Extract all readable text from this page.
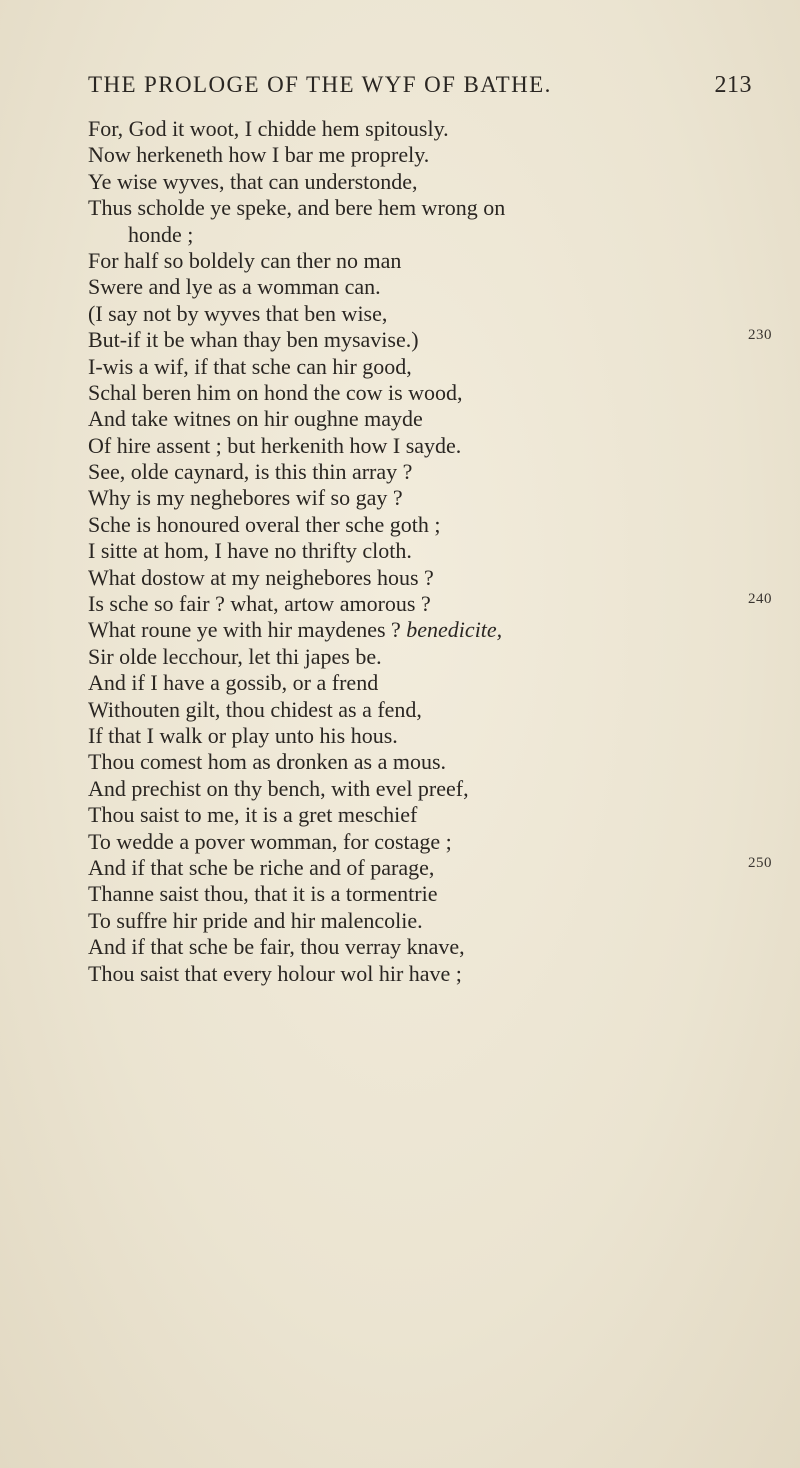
THE PROLOGE OF THE WYF OF BATHE.	213
For, God it woot, I chidde hem spitously.
Now herkeneth how I bar me proprely.
Ye wise wyves, that can understonde,
Thus scholde ye speke, and bere hem wrong on
honde ;
For half so boldely can ther no man
Swere and lye as a womman can.
(I say not by wyves that ben wise,
But-if it be whan thay ben mysavise.)
I-wis a wif, if that sche can hir good,
Schal beren him on hond the cow is wood,
And take witnes on hir oughne mayde
Of hire assent ; but herkenith how I sayde.
See, olde caynard, is this thin array ?
Why is my neghebores wif so gay ?
Sche is honoured overal ther sche goth ;
I sitte at hom, I have no thrifty cloth.
What dostow at my neighebores hous ?
Is sche so fair ? what, artow amorous ?
What roune ye with hir maydenes ? benedicite,
Sir olde lecchour, let thi japes be.
And if I have a gossib, or a frend
Withouten gilt, thou chidest as a fend,
If that I walk or play unto his hous.
Thou comest hom as dronken as a mous.
And prechist on thy bench, with evel preef,
Thou saist to me, it is a gret meschief
To wedde a pover womman, for costage ;
And if that sche be riche and of parage,
Thanne saist thou, that it is a tormentrie
To suffre hir pride and hir malencolie.
And if that sche be fair, thou verray knave,
Thou saist that every holour wol hir have ;
230
240
250
